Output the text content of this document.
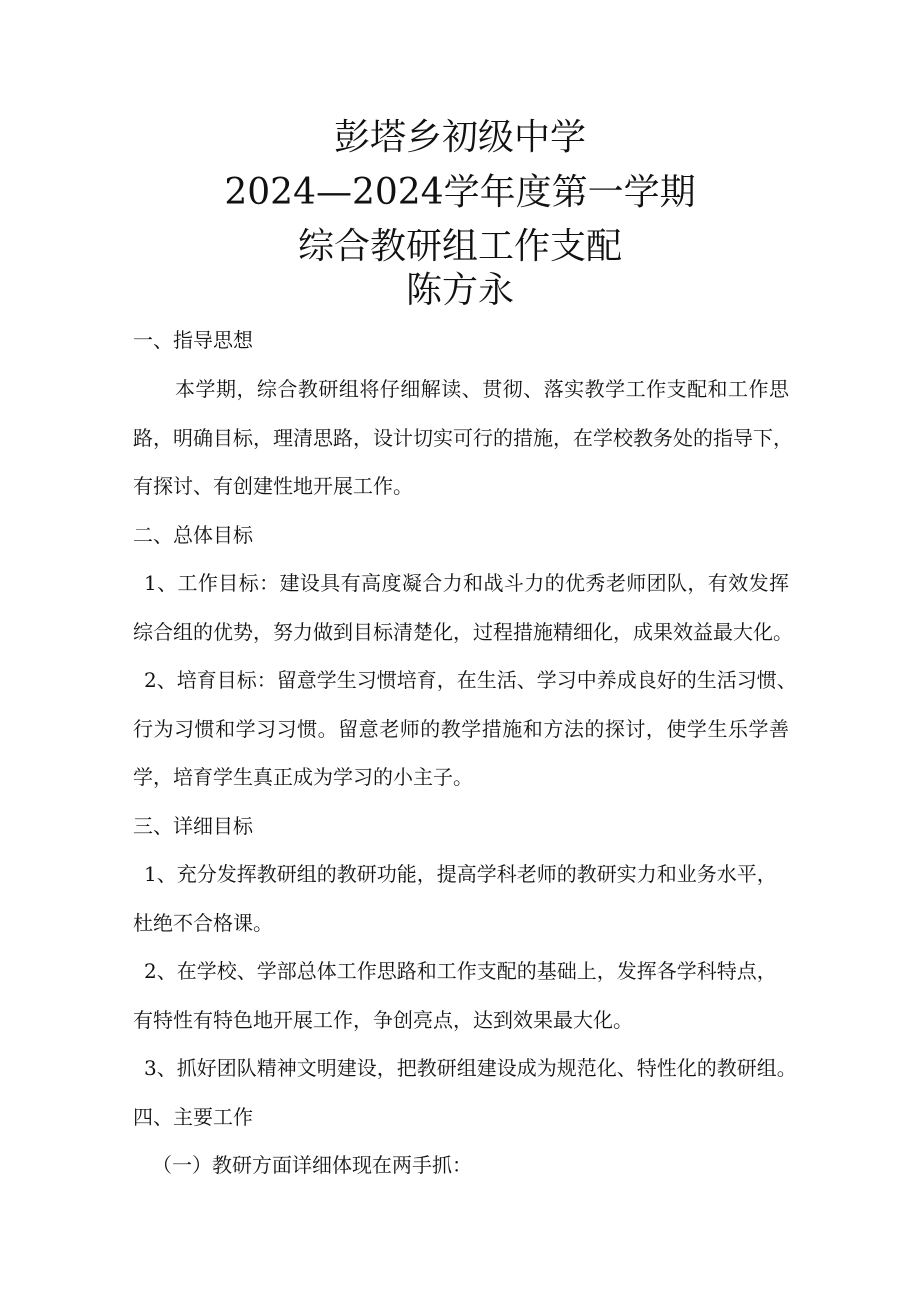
彭塔乡初级中学
2024—2024学年度第一学期
综合教研组工作支配
陈方永
一、指导思想
本学期，综合教研组将仔细解读、贯彻、落实教学工作支配和工作思
路，明确目标，理清思路，设计切实可行的措施，在学校教务处的指导下，
有探讨、有创建性地开展工作。
二、总体目标
1、工作目标：建设具有高度凝合力和战斗力的优秀老师团队，有效发挥
综合组的优势，努力做到目标清楚化，过程措施精细化，成果效益最大化。
2、培育目标：留意学生习惯培育，在生活、学习中养成良好的生活习惯、
行为习惯和学习习惯。留意老师的教学措施和方法的探讨，使学生乐学善
学，培育学生真正成为学习的小主子。
三、详细目标
1、充分发挥教研组的教研功能，提高学科老师的教研实力和业务水平，
杜绝不合格课。
2、在学校、学部总体工作思路和工作支配的基础上，发挥各学科特点，
有特性有特色地开展工作，争创亮点，达到效果最大化。
3、抓好团队精神文明建设，把教研组建设成为规范化、特性化的教研组。
四、主要工作
（一）教研方面详细体现在两手抓：
